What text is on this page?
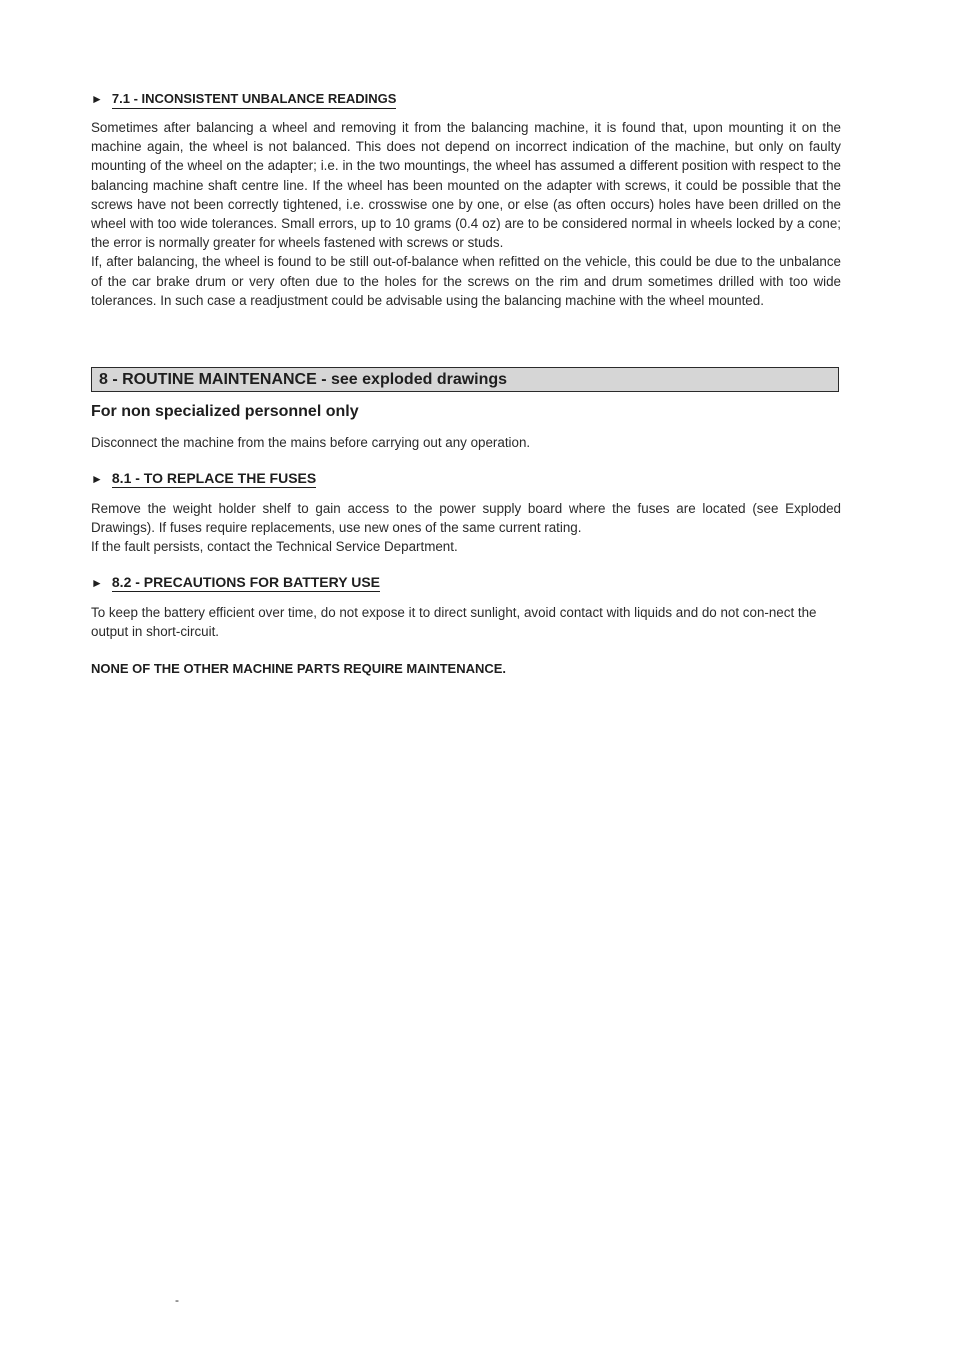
► 7.1 - INCONSISTENT UNBALANCE READINGS

Sometimes after balancing a wheel and removing it from the balancing machine, it is found that, upon mounting it on the machine again, the wheel is not balanced. This does not depend on incorrect indication of the machine, but only on faulty mounting of the wheel on the adapter; i.e. in the two mountings, the wheel has assumed a different position with respect to the balancing machine shaft centre line. If the wheel has been mounted on the adapter with screws, it could be possible that the screws have not been correctly tightened, i.e. crosswise one by one, or else (as often occurs) holes have been drilled on the wheel with too wide tolerances. Small errors, up to 10 grams (0.4 oz) are to be considered normal in wheels locked by a cone; the error is normally greater for wheels fastened with screws or studs.

If, after balancing, the wheel is found to be still out-of-balance when refitted on the vehicle, this could be due to the unbalance of the car brake drum or very often due to the holes for the screws on the rim and drum sometimes drilled with too wide tolerances. In such case a readjustment could be advisable using the balancing machine with the wheel mounted.

8 - ROUTINE MAINTENANCE - see exploded drawings
For non specialized personnel only
Disconnect the machine from the mains before carrying out any operation.
► 8.1 - TO REPLACE THE FUSES

Remove the weight holder shelf to gain access to the power supply board where the fuses are located (see Exploded Drawings). If fuses require replacements, use new ones of the same current rating.

If the fault persists, contact the Technical Service Department.

► 8.2 - PRECAUTIONS FOR BATTERY USE

To keep the battery efficient over time, do not expose it to direct sunlight, avoid contact with liquids and do not con-nect the output in short-circuit.

NONE OF THE OTHER MACHINE PARTS REQUIRE MAINTENANCE.
-
